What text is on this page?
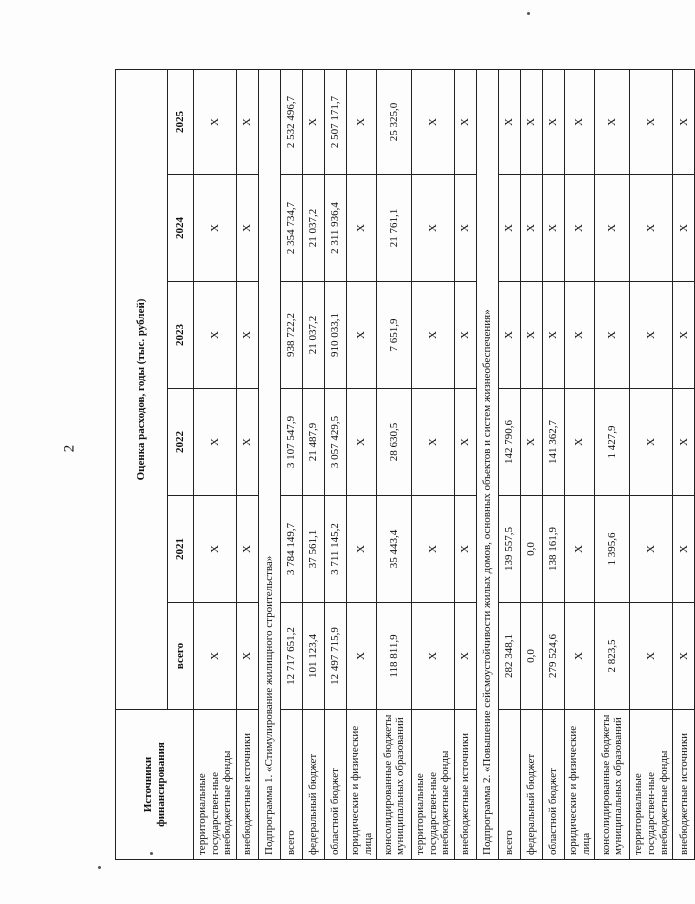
2
Источники финансирования	Оценка расходов, годы (тыс. рублей)					
	всего	2021	2022	2023	2024	2025
территориальные государствен-ные внебюджетные фонды	X	X	X	X	X	X
внебюджетные источники	X	X	X	X	X	X
Подпрограмма 1. «Стимулирование жилищного строительства»						
всего	12 717 651,2	3 784 149,7	3 107 547,9	938 722,2	2 354 734,7	2 532 496,7
федеральный бюджет	101 123,4	37 561,1	21 487,9	21 037,2	21 037,2	X
областной бюджет	12 497 715,9	3 711 145,2	3 057 429,5	910 033,1	2 311 936,4	2 507 171,7
юридические и физические лица	X	X	X	X	X	X
консолидированные бюджеты муниципальных образований	118 811,9	35 443,4	28 630,5	7 651,9	21 761,1	25 325,0
территориальные государствен-ные внебюджетные фонды	X	X	X	X	X	X
внебюджетные источники	X	X	X	X	X	X
Подпрограмма 2. «Повышение сейсмоустойчивости жилых домов, основных объектов и систем жизнеобеспечения»						
всего	282 348,1	139 557,5	142 790,6	X	X	X
федеральный бюджет	0,0	0,0	X	X	X	X
областной бюджет	279 524,6	138 161,9	141 362,7	X	X	X
юридические и физические лица	X	X	X	X	X	X
консолидированные бюджеты муниципальных образований	2 823,5	1 395,6	1 427,9	X	X	X
территориальные государствен-ные внебюджетные фонды	X	X	X	X	X	X
внебюджетные источники	X	X	X	X	X	X
